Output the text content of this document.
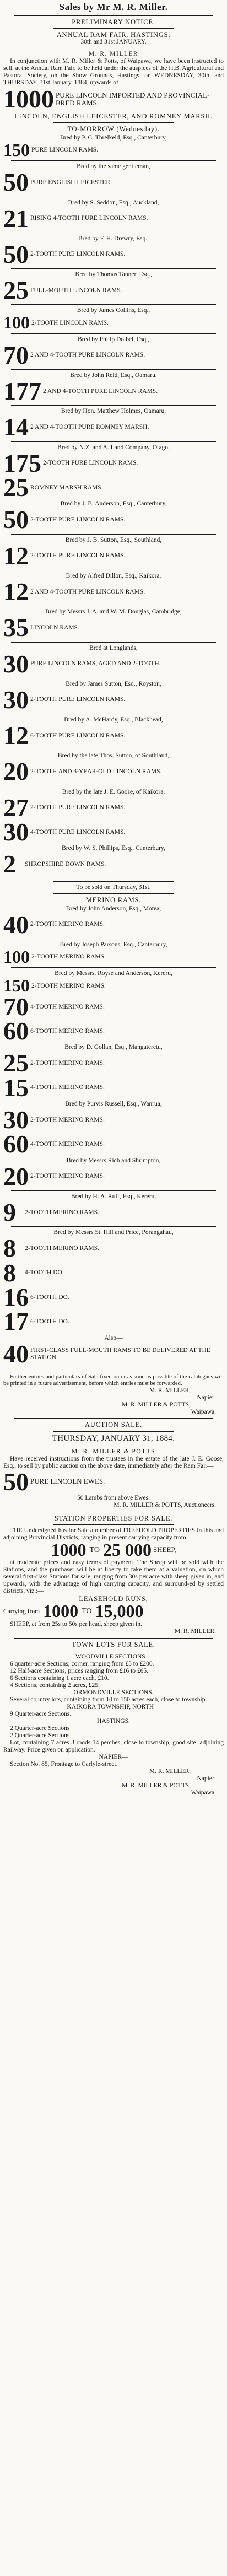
Sales by Mr M. R. Miller.
PRELIMINARY NOTICE.
ANNUAL RAM FAIR, HASTINGS,
30th and 31st JANUARY.
M. R. MILLER

In conjunction with M. R. Miller & Potts, of Waipawa, we have been instructed to sell, at the Annual Ram Fair, to be held under the auspices of the H.B. Agricultural and Pastoral Society, on the Show Grounds, Hastings, on WEDNESDAY, 30th, and THURSDAY, 31st January, 1884, upwards of

1000 PURE LINCOLN IMPORTED AND PROVINCIAL-BRED RAMS.
LINCOLN, ENGLISH LEICESTER, AND ROMNEY MARSH.
TO-MORROW (Wednesday).
Bred by P. C. Threlkeld, Esq., Canterbury,
150 PURE LINCOLN RAMS.
Bred by the same gentleman,
50 PURE ENGLISH LEICESTER.
Bred by S. Seddon, Esq., Auckland,
21 RISING 4-TOOTH PURE LINCOLN RAMS.
Bred by F. H. Drewry, Esq.,
50 2-TOOTH PURE LINCOLN RAMS.
Bred by Thomas Tanner, Esq.,
25 FULL-MOUTH LINCOLN RAMS.
Bred by James Collins, Esq.,
100 2-TOOTH LINCOLN RAMS.
Bred by Philip Dolbel, Esq.,
70 2 AND 4-TOOTH PURE LINCOLN RAMS.
Bred by John Reid, Esq., Oamaru,
177 2 AND 4-TOOTH PURE LINCOLN RAMS.
Bred by Hon. Matthew Holmes, Oamaru,
14 2 AND 4-TOOTH PURE ROMNEY MARSH.
Bred by N.Z. and A. Land Company, Otago,
175 2-TOOTH PURE LINCOLN RAMS.
25 ROMNEY MARSH RAMS.
Bred by J. B. Anderson, Esq., Canterbury,
50 2-TOOTH PURE LINCOLN RAMS.
Bred by J. B. Sutton, Esq., Southland,
12 2-TOOTH PURE LINCOLN RAMS.
Bred by Alfred Dillon, Esq., Kaikora,
12 2 AND 4-TOOTH PURE LINCOLN RAMS.
Bred by Messrs J. A. and W. M. Douglas, Cambridge,
35 LINCOLN RAMS.
Bred at Longlands,
30 PURE LINCOLN RAMS, AGED AND 2-TOOTH.
Bred by James Sutton, Esq., Royston,
30 2-TOOTH PURE LINCOLN RAMS.
Bred by A. McHardy, Esq., Blackhead,
12 6-TOOTH PURE LINCOLN RAMS.
Bred by the late Thos. Sutton, of Southland,
20 2-TOOTH AND 3-YEAR-OLD LINCOLN RAMS.
Bred by the late J. E. Goose, of Kaikora,
27 2-TOOTH PURE LINCOLN RAMS.
30 4-TOOTH PURE LINCOLN RAMS.
Bred by W. S. Phillips, Esq., Canterbury,
2	SHROPSHIRE DOWN RAMS.
To be sold on Thursday, 31st.
MERINO RAMS.
Bred by John Anderson, Esq., Motea,
40 2-TOOTH MERINO RAMS.
Bred by Joseph Parsons, Esq., Canterbury,
100 2-TOOTH MERINO RAMS.
Bred by Messrs. Royse and Anderson, Kereru,
150 2-TOOTH MERINO RAMS.
70 4-TOOTH MERINO RAMS.
60 6-TOOTH MERINO RAMS.
Bred by D. Gollan, Esq., Mangateretu,
25 2-TOOTH MERINO RAMS.
15 4-TOOTH MERINO RAMS.
Bred by Purvis Russell, Esq., Wanrua,
30 2-TOOTH MERINO RAMS.
60 4-TOOTH MERINO RAMS.
Bred by Messrs Rich and Shrimpton,
20 2-TOOTH MERINO RAMS.
Bred by H. A. Ruff, Esq., Kereru,
9	2-TOOTH MERINO RAMS.
Bred by Messrs St. Hill and Price, Porangahau,
8	2-TOOTH MERINO RAMS.
8	4-TOOTH DO.
16 6-TOOTH DO.
17 6-TOOTH DO.
Also—
40 FIRST-CLASS FULL-MOUTH RAMS TO BE DELIVERED AT THE STATION.
Further entries and particulars of Sale fixed on or as soon as possible of the catalogues will be printed in a future advertisement, before which entries must be forwarded.
M. R. MILLER,
Napier;
M. R. MILLER & POTTS,
Waipawa.
AUCTION SALE.
THURSDAY, JANUARY 31, 1884.
M. R. MILLER & POTTS
Have received instructions from the trustees in the estate of the late J. E. Goose, Esq., to sell by public auction on the above date, immediately after the Ram Fair—
50 PURE LINCOLN EWES.
50 Lambs from above Ewes.
M. R. MILLER & POTTS, Auctioneers.
STATION PROPERTIES FOR SALE.
THE Undersigned has for Sale a number of FREEHOLD PROPERTIES in this and adjoining Provincial Districts, ranging in present carrying capacity from
1000 TO 25 000 SHEEP,
at moderate prices and easy terms of payment. The Sheep will be sold with the Stations, and the purchaser will be at liberty to take them at a valuation, on which several first-class Stations for sale, ranging from 30s per acre with sheep given in, and upwards, with the advantage of high carrying capacity, and surround-ed by settled districts, viz.:—
LEASEHOLD RUNS,
Carrying from 1000 TO 15,000
SHEEP, at from 25s to 50s per head, sheep given in.
M. R. MILLER.
TOWN LOTS FOR SALE.
WOODVILLE SECTIONS—
6 quarter-acre Sections, corner, ranging from £5 to £200.
12 Half-acre Sections, prices ranging from £16 to £65.
6 Sections containing 1 acre each, £10.
4 Sections, containing 2 acres, £25.
ORMONDVILLE SECTIONS.
Several country lots, containing from 10 to 150 acres each, close to township.
KAIKORA TOWNSHIP, NORTH—
9 Quarter-acre Sections.
HASTINGS.
2 Quarter-acre Sections
2 Quarter-acre Sections
Lot, containing 7 acres 3 roods 14 perches, close to township, good site; adjoining Railway. Price given on application.
NAPIER—
Section No. 85, Frontage to Carlyle-street.
M. R. MILLER,
Napier;
M. R. MILLER & POTTS,
Waipawa.
